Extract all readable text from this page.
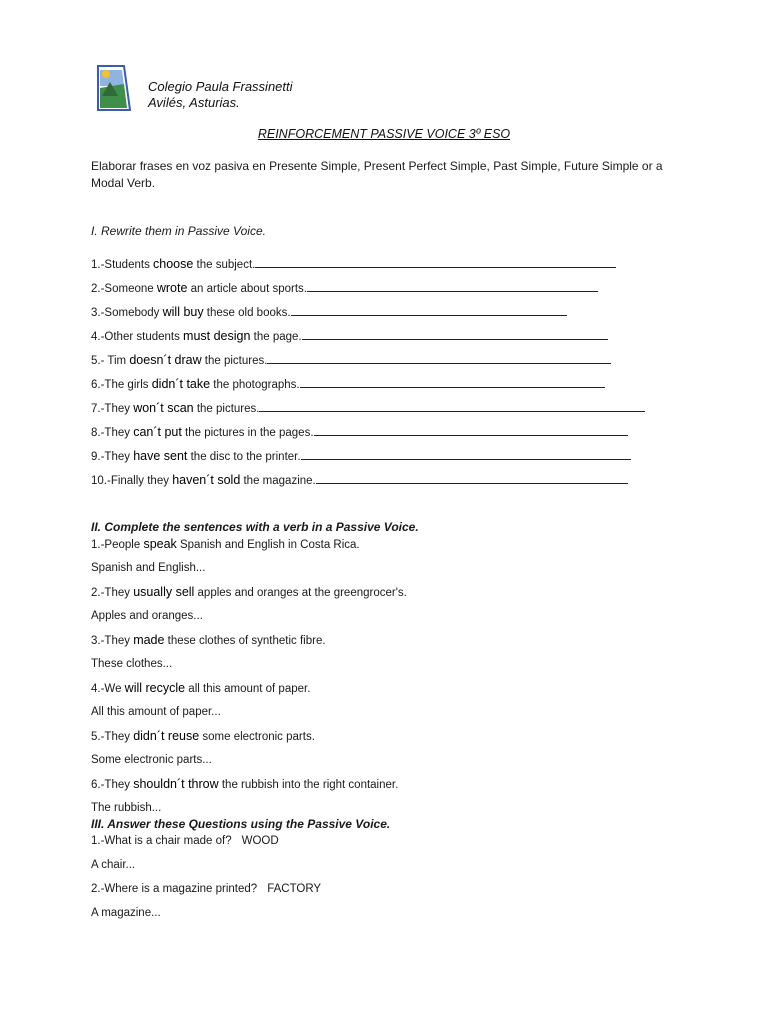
Colegio Paula Frassinetti
Avilés, Asturias.
REINFORCEMENT PASSIVE VOICE 3º ESO
Elaborar frases en voz pasiva en Presente Simple, Present Perfect Simple, Past Simple, Future Simple or a Modal Verb.
I. Rewrite them in Passive Voice.
1.-Students choose the subject.
2.-Someone wrote an article about sports.
3.-Somebody will buy these old books.
4.-Other students must design the page.
5.- Tim doesn´t draw the pictures.
6.-The girls didn´t take the photographs.
7.-They won´t scan the pictures.
8.-They can´t put the pictures in the pages.
9.-They have sent the disc to the printer.
10.-Finally they haven´t sold the magazine.
II. Complete the sentences with a verb in a Passive Voice.
1.-People speak Spanish and English in Costa Rica.
Spanish and English...
2.-They usually sell apples and oranges at the greengrocer's.
Apples and oranges...
3.-They made these clothes of synthetic fibre.
These clothes...
4.-We will recycle all this amount of paper.
All this amount of paper...
5.-They didn´t reuse some electronic parts.
Some electronic parts...
6.-They shouldn´t throw the rubbish into the right container.
The rubbish...
III. Answer these Questions using the Passive Voice.
1.-What is a chair made of? WOOD
A chair...
2.-Where is a magazine printed? FACTORY
A magazine...
